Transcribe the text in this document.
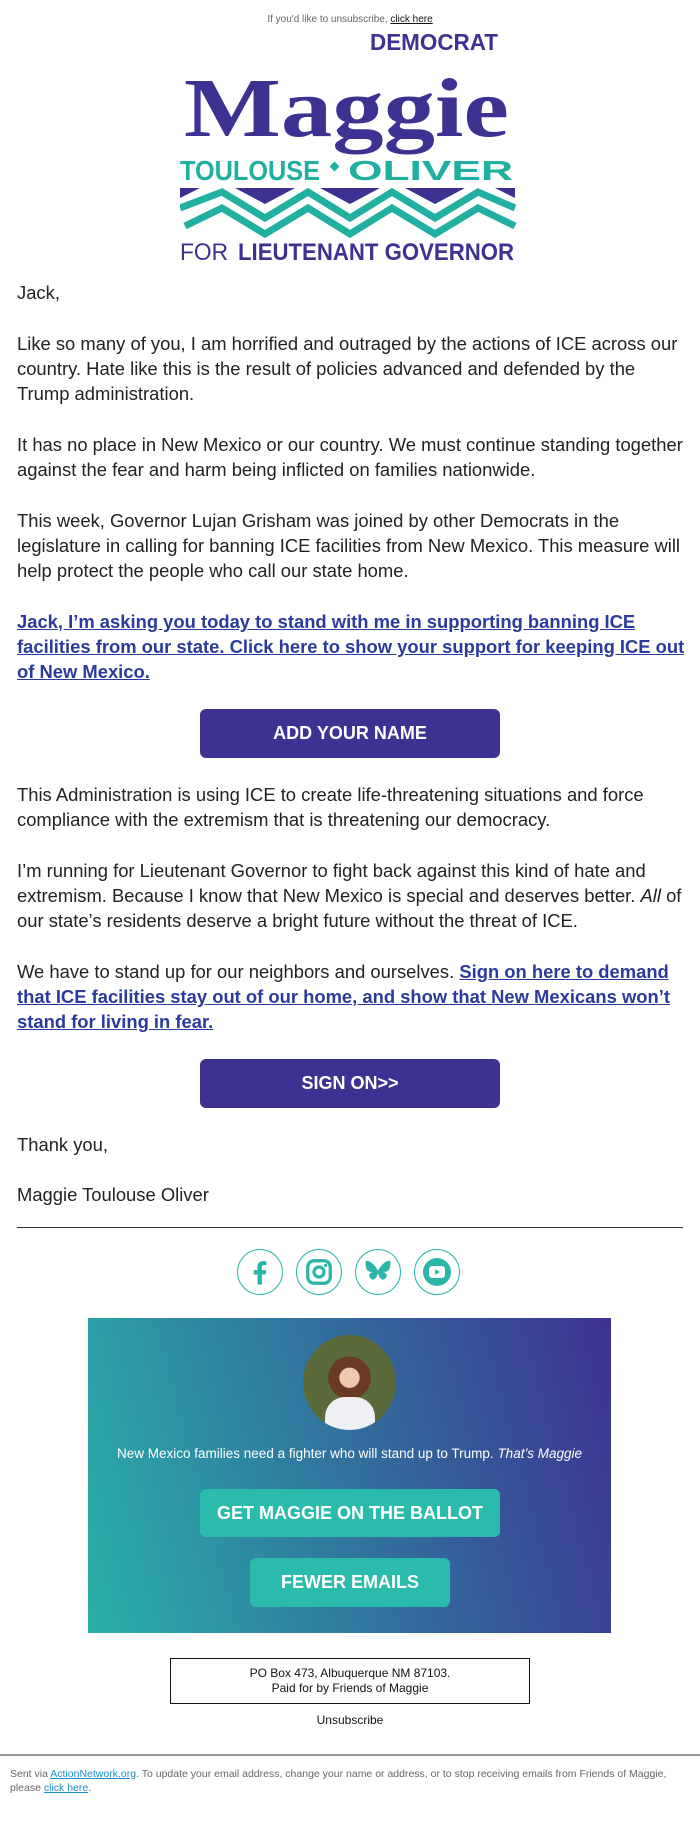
If you'd like to unsubscribe, click here
DEMOCRAT
Maggie
TOULOUSE OLIVER
FOR LIEUTENANT GOVERNOR
Jack,
Like so many of you, I am horrified and outraged by the actions of ICE across our country. Hate like this is the result of policies advanced and defended by the Trump administration.
It has no place in New Mexico or our country. We must continue standing together against the fear and harm being inflicted on families nationwide.
This week, Governor Lujan Grisham was joined by other Democrats in the legislature in calling for banning ICE facilities from New Mexico. This measure will help protect the people who call our state home.
Jack, I’m asking you today to stand with me in supporting banning ICE facilities from our state. Click here to show your support for keeping ICE out of New Mexico.
ADD YOUR NAME
This Administration is using ICE to create life-threatening situations and force compliance with the extremism that is threatening our democracy.
I’m running for Lieutenant Governor to fight back against this kind of hate and extremism. Because I know that New Mexico is special and deserves better. All of our state’s residents deserve a bright future without the threat of ICE.
We have to stand up for our neighbors and ourselves. Sign on here to demand that ICE facilities stay out of our home, and show that New Mexicans won’t stand for living in fear.
SIGN ON>>
Thank you,
Maggie Toulouse Oliver
New Mexico families need a fighter who will stand up to Trump. That’s Maggie
GET MAGGIE ON THE BALLOT
FEWER EMAILS
PO Box 473, Albuquerque NM 87103.
Paid for by Friends of Maggie
Unsubscribe
Sent via ActionNetwork.org. To update your email address, change your name or address, or to stop receiving emails from Friends of Maggie, please click here.
